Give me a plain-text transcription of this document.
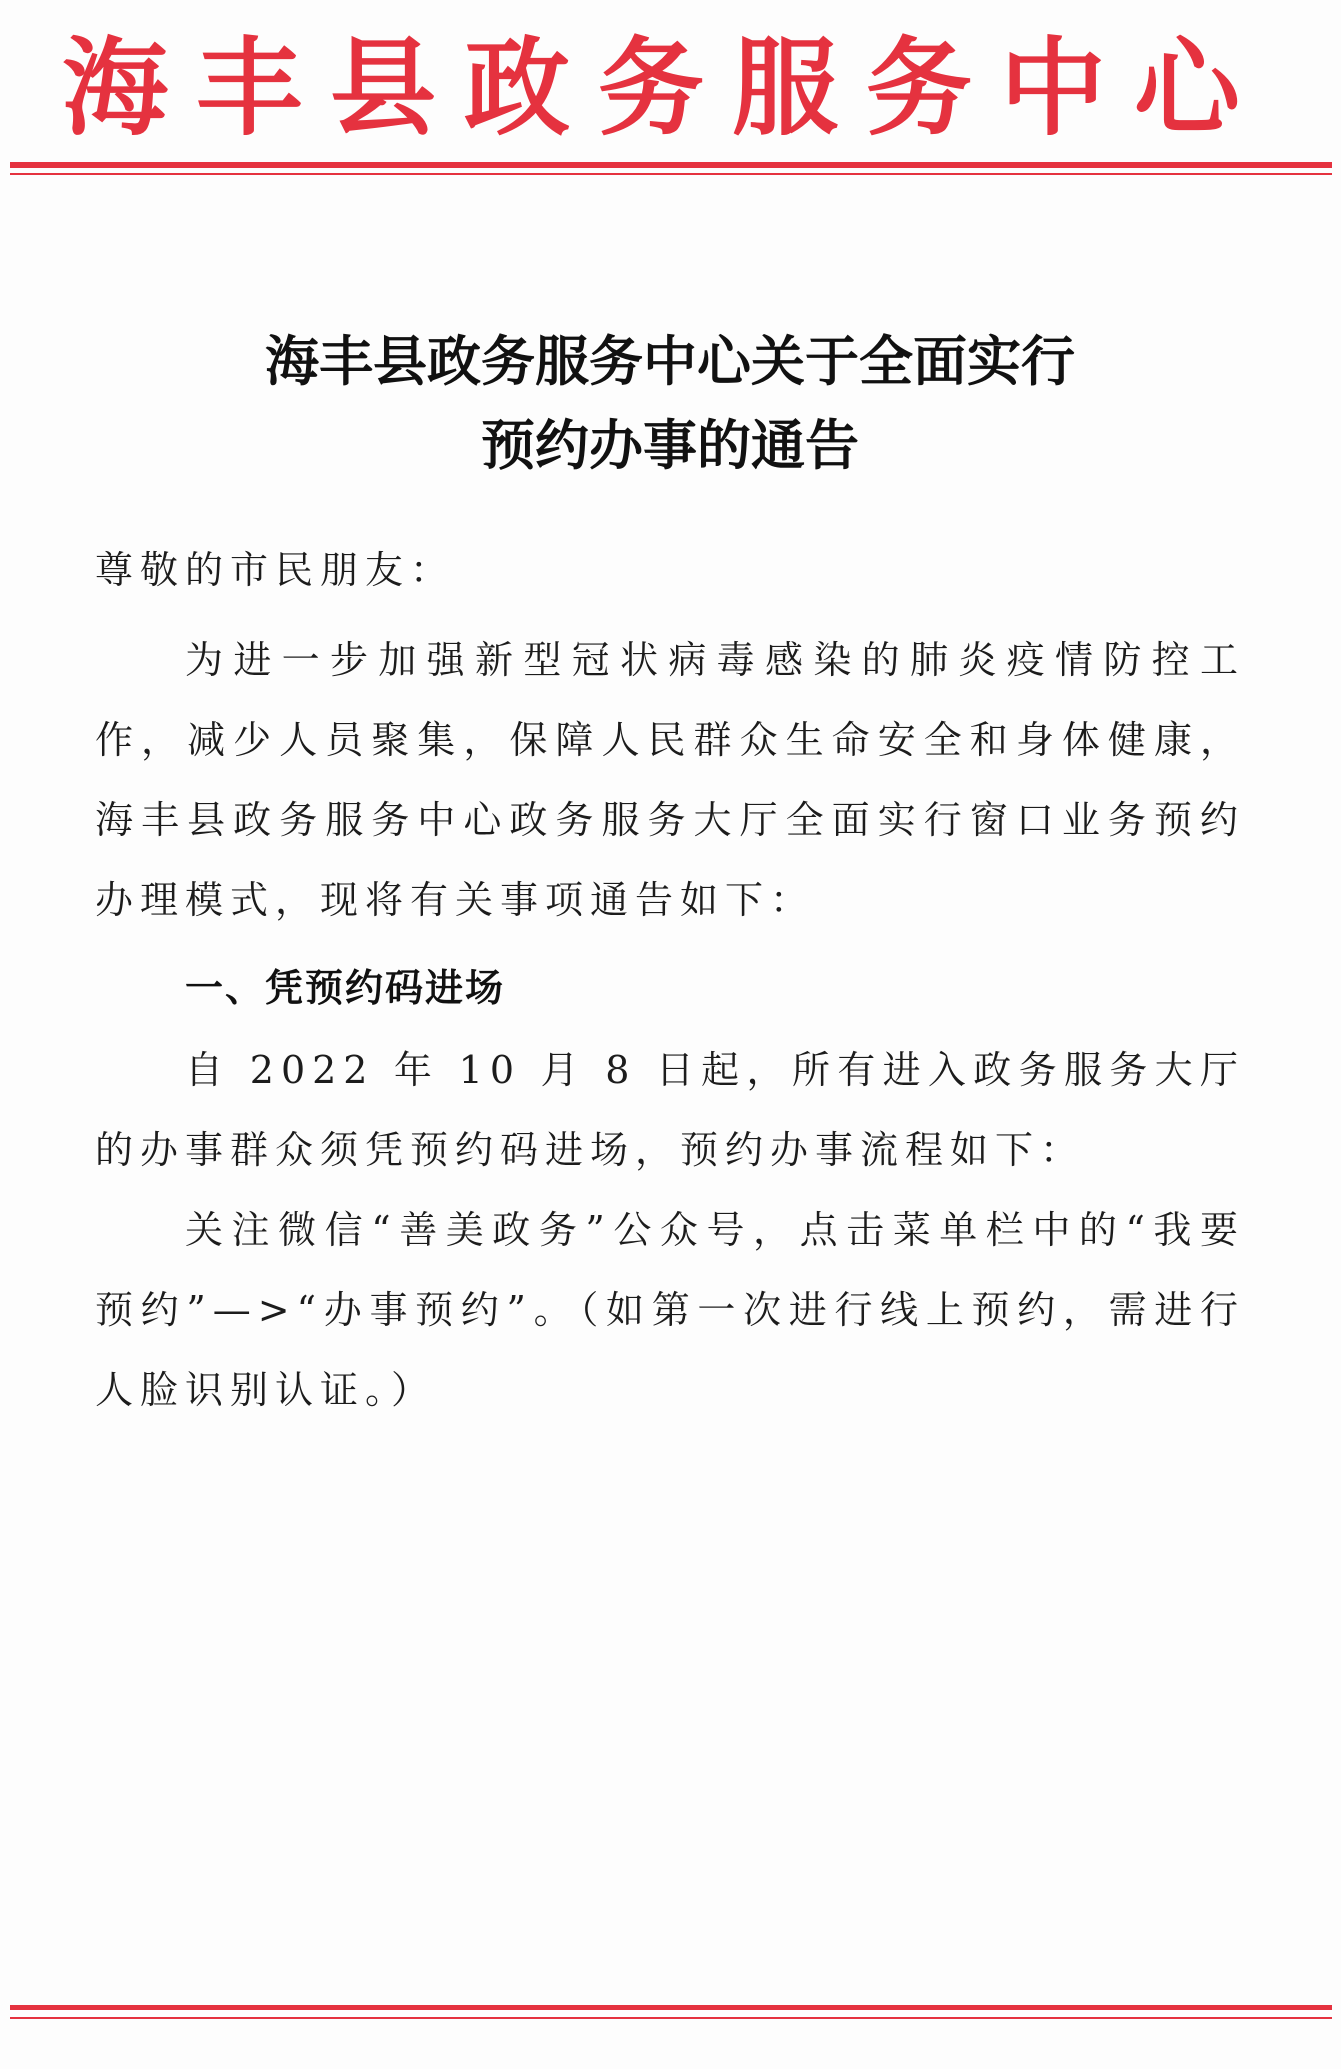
海丰县政务服务中心
海丰县政务服务中心关于全面实行
预约办事的通告
尊敬的市民朋友：
为进一步加强新型冠状病毒感染的肺炎疫情防控工作，减少人员聚集，保障人民群众生命安全和身体健康，海丰县政务服务中心政务服务大厅全面实行窗口业务预约办理模式，现将有关事项通告如下：
一、凭预约码进场
自 2022 年 10 月 8 日起，所有进入政务服务大厅的办事群众须凭预约码进场，预约办事流程如下：
关注微信“善美政务”公众号，点击菜单栏中的“我要预约”—>“办事预约”。（如第一次进行线上预约，需进行人脸识别认证。）
